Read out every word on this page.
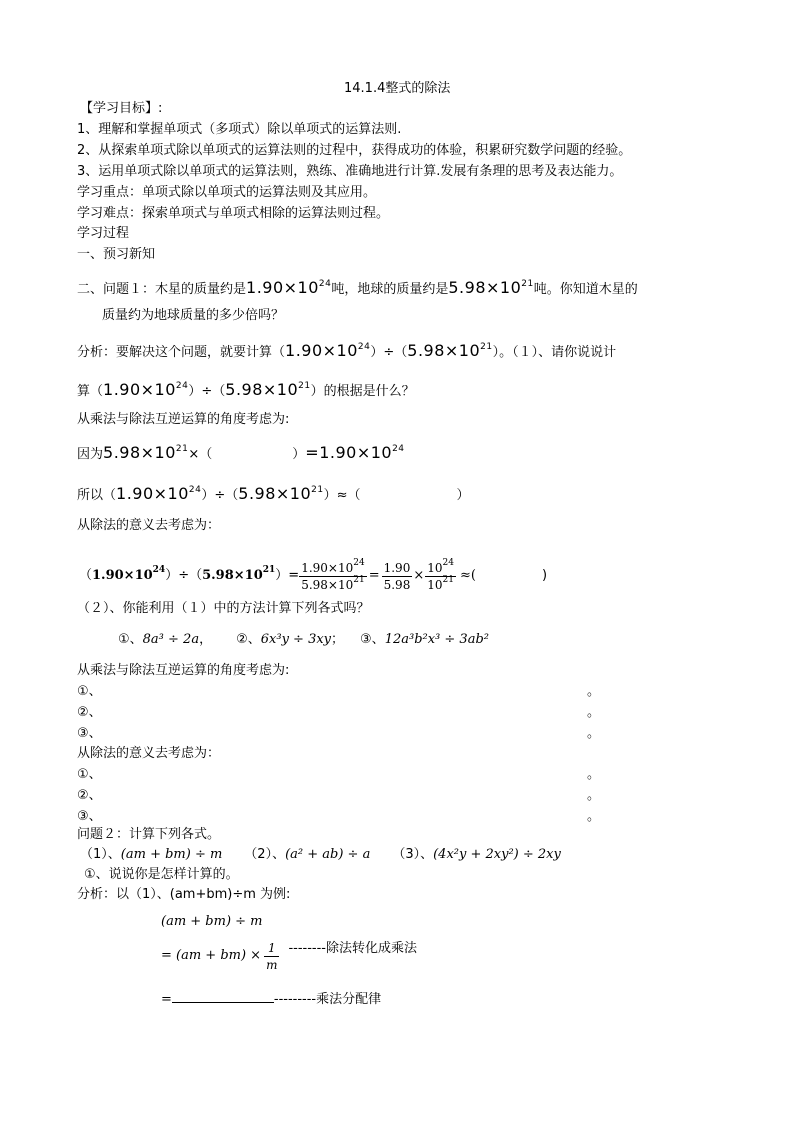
14.1.4整式的除法
【学习目标】:
1、理解和掌握单项式（多项式）除以单项式的运算法则.
2、从探索单项式除以单项式的运算法则的过程中，获得成功的体验，积累研究数学问题的经验。
3、运用单项式除以单项式的运算法则，熟练、准确地进行计算.发展有条理的思考及表达能力。
学习重点：单项式除以单项式的运算法则及其应用。
学习难点：探索单项式与单项式相除的运算法则过程。
学习过程
一、预习新知
二、问题１：木星的质量约是$1.90\times 10^{24}$吨，地球的质量约是$5.98\times 10^{21}$吨。你知道木星的
质量约为地球质量的多少倍吗？
分析：要解决这个问题，就要计算$(1.90\times 10^{24})\div(5.98\times 10^{21})$。（１）、请你说说计
算$(1.90\times 10^{24})\div(5.98\times 10^{21})$的根据是什么？
从乘法与除法互逆运算的角度考虑为:
因为$5.98\times 10^{21}\times$（	）$=1.90\times 10^{24}$
所以$(1.90\times 10^{24})\div(5.98\times 10^{21})\approx$（	）
从除法的意义去考虑为：
（ $1.90\times 10^{24}$ ）÷（ $5.98\times 10^{21}$ ）= $\frac{1.90\times 10^{24}}{5.98\times 10^{21}} = \frac{1.90}{5.98} \times \frac{10^{24}}{10^{21}}$ ≈(	)
（２）、你能利用（１）中的方法计算下列各式吗？
①、8a³ ÷ 2a， ②、6x³y ÷ 3xy； ③、12a³b²x³ ÷ 3ab²
从乘法与除法互逆运算的角度考虑为:
①、	。
②、	。
③、	。
从除法的意义去考虑为：
①、	。
②、	。
③、	。
问题２：计算下列各式。
（1）、(am + bm) ÷ m （2）、(a² + ab) ÷ a （3）、(4x²y + 2xy²) ÷ 2xy
①、说说你是怎样计算的。
分析：以（1）、(am+bm)÷m 为例:
(am + bm) ÷ m
= $(am + bm) \times \frac{1}{m}$ --------除法转化成乘法
=	---------乘法分配律
